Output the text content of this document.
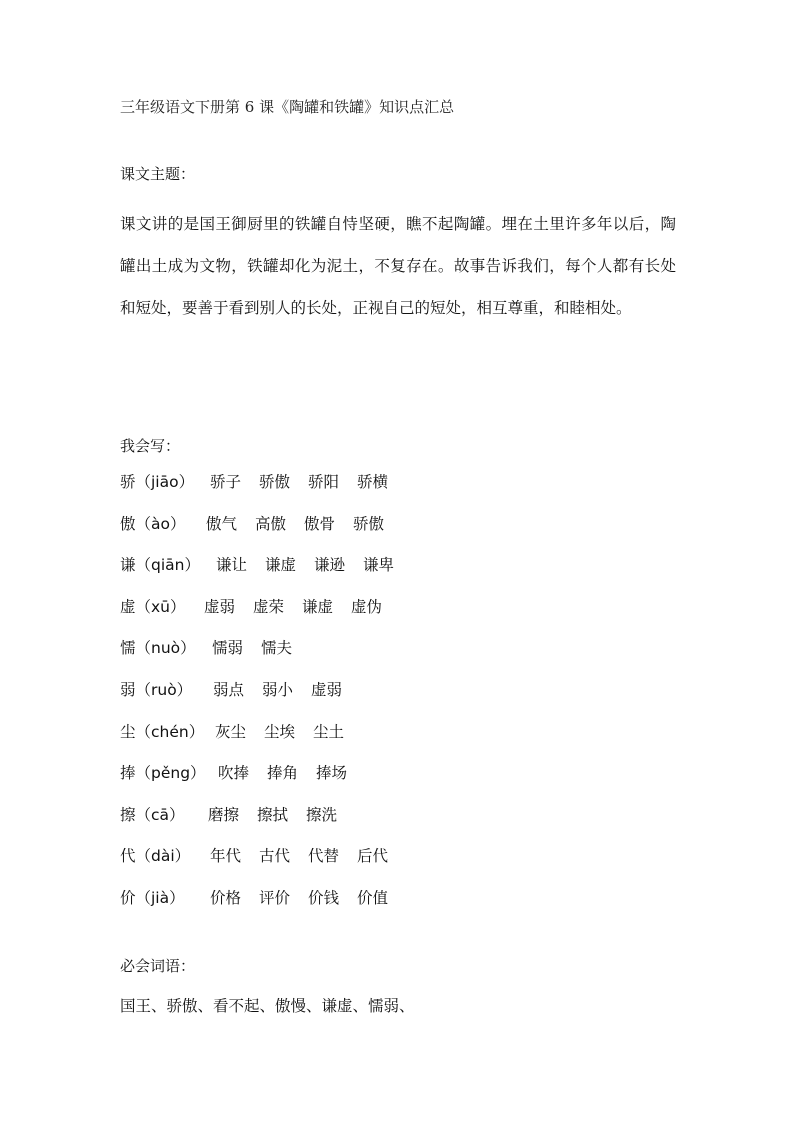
三年级语文下册第 6 课《陶罐和铁罐》知识点汇总
课文主题：
课文讲的是国王御厨里的铁罐自恃坚硬，瞧不起陶罐。埋在土里许多年以后，陶罐出土成为文物，铁罐却化为泥土，不复存在。故事告诉我们，每个人都有长处和短处，要善于看到别人的长处，正视自己的短处，相互尊重，和睦相处。
我会写：
骄（jiāo） 骄子 骄傲 骄阳 骄横
傲（ào） 傲气 高傲 傲骨 骄傲
谦（qiān） 谦让 谦虚 谦逊 谦卑
虚（xū） 虚弱 虚荣 谦虚 虚伪
懦（nuò） 懦弱 懦夫
弱（ruò） 弱点 弱小 虚弱
尘（chén） 灰尘 尘埃 尘土
捧（pěng） 吹捧 捧角 捧场
擦（cā） 磨擦 擦拭 擦洗
代（dài） 年代 古代 代替 后代
价（jià） 价格 评价 价钱 价值
必会词语：
国王、骄傲、看不起、傲慢、谦虚、懦弱、
